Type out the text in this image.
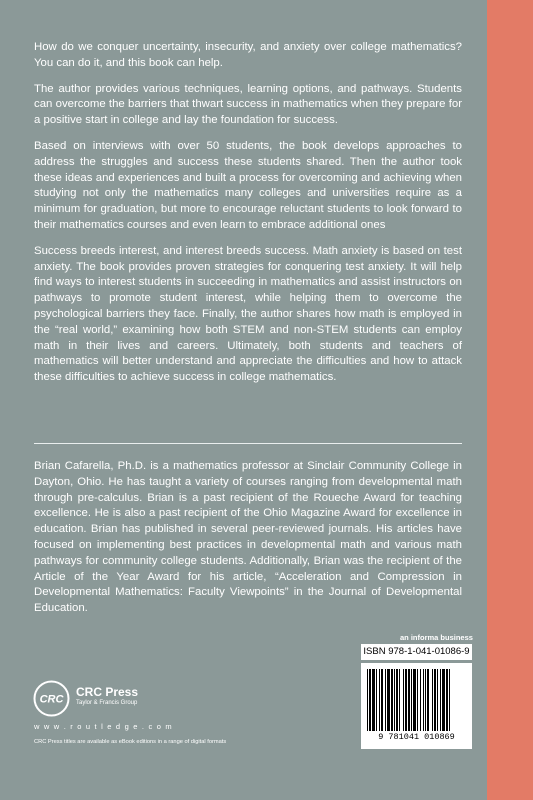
How do we conquer uncertainty, insecurity, and anxiety over college mathematics? You can do it, and this book can help.

The author provides various techniques, learning options, and pathways. Students can overcome the barriers that thwart success in mathematics when they prepare for a positive start in college and lay the foundation for success.

Based on interviews with over 50 students, the book develops approaches to address the struggles and success these students shared. Then the author took these ideas and experiences and built a process for overcoming and achieving when studying not only the mathematics many colleges and universities require as a minimum for graduation, but more to encourage reluctant students to look forward to their mathematics courses and even learn to embrace additional ones

Success breeds interest, and interest breeds success. Math anxiety is based on test anxiety. The book provides proven strategies for conquering test anxiety. It will help find ways to interest students in succeeding in mathematics and assist instructors on pathways to promote student interest, while helping them to overcome the psychological barriers they face. Finally, the author shares how math is employed in the “real world,” examining how both STEM and non-STEM students can employ math in their lives and careers. Ultimately, both students and teachers of mathematics will better understand and appreciate the difficulties and how to attack these difficulties to achieve success in college mathematics.

Brian Cafarella, Ph.D. is a mathematics professor at Sinclair Community College in Dayton, Ohio. He has taught a variety of courses ranging from developmental math through pre-calculus. Brian is a past recipient of the Roueche Award for teaching excellence. He is also a past recipient of the Ohio Magazine Award for excellence in education. Brian has published in several peer-reviewed journals. His articles have focused on implementing best practices in developmental math and various math pathways for community college students. Additionally, Brian was the recipient of the Article of the Year Award for his article, “Acceleration and Compression in Developmental Mathematics: Faculty Viewpoints” in the Journal of Developmental Education.
an informa business
ISBN 978-1-041-01086-9
9 781041 010869
CRC
CRC Press
Taylor & Francis Group
w w w . r o u t l e d g e . c o m
CRC Press titles are available as eBook editions in a range of digital formats
